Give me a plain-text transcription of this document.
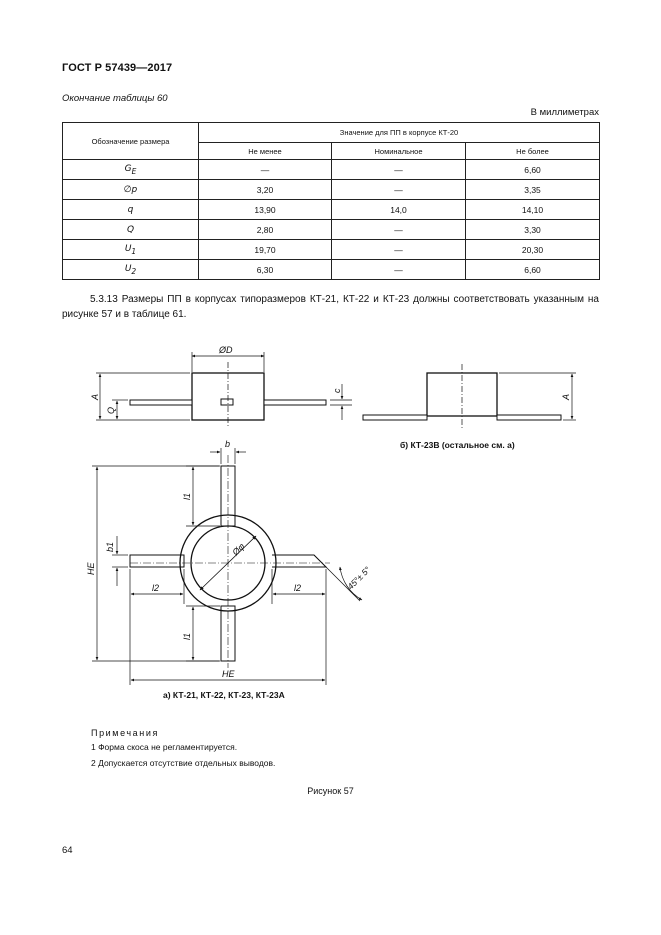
ГОСТ Р 57439—2017
Окончание таблицы 60
В миллиметрах
Обозначение размера	Значение для ПП в корпусе КТ-20		
	Не менее	Номинальное	Не более
$G_E$	—	—	6,60
∅p	3,20	—	3,35
q	13,90	14,0	14,10
Q	2,80	—	3,30
$U_1$	19,70	—	20,30
$U_2$	6,30	—	6,60
5.3.13 Размеры ПП в корпусах типоразмеров КТ-21, КТ-22 и КТ-23 должны соответствовать указанным на рисунке 57 и в таблице 61.
ØD
A
Q
c
A
b
l1
l1
b1
HE
l2	l2
HE
Øφ
45°± 5°
б) КТ-23В (остальное см. а)
а) КТ-21, КТ-22, КТ-23, КТ-23А
Примечания
1 Форма скоса не регламентируется.
2 Допускается отсутствие отдельных выводов.
Рисунок 57
64
